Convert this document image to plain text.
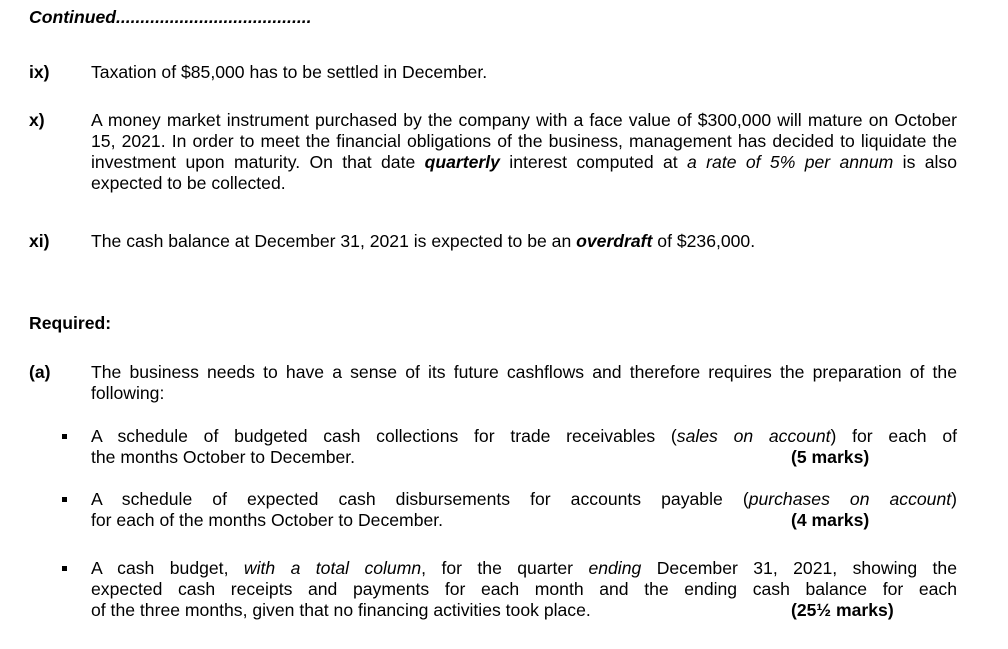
Continued........................................
ix) Taxation of $85,000 has to be settled in December.
x)	A money market instrument purchased by the company with a face value of $300,000 will mature on October 15, 2021. In order to meet the financial obligations of the business, management has decided to liquidate the investment upon maturity. On that date quarterly interest computed at a rate of 5% per annum is also expected to be collected.
xi) The cash balance at December 31, 2021 is expected to be an overdraft of $236,000.
Required:
(a) The business needs to have a sense of its future cashflows and therefore requires the preparation of the following:
A schedule of budgeted cash collections for trade receivables (sales on account) for each of
the months October to December.	(5 marks)
A schedule of expected cash disbursements for accounts payable (purchases on account)
for each of the months October to December.	(4 marks)
A cash budget, with a total column, for the quarter ending December 31, 2021, showing the
expected cash receipts and payments for each month and the ending cash balance for each
of the three months, given that no financing activities took place.	(25½ marks)
